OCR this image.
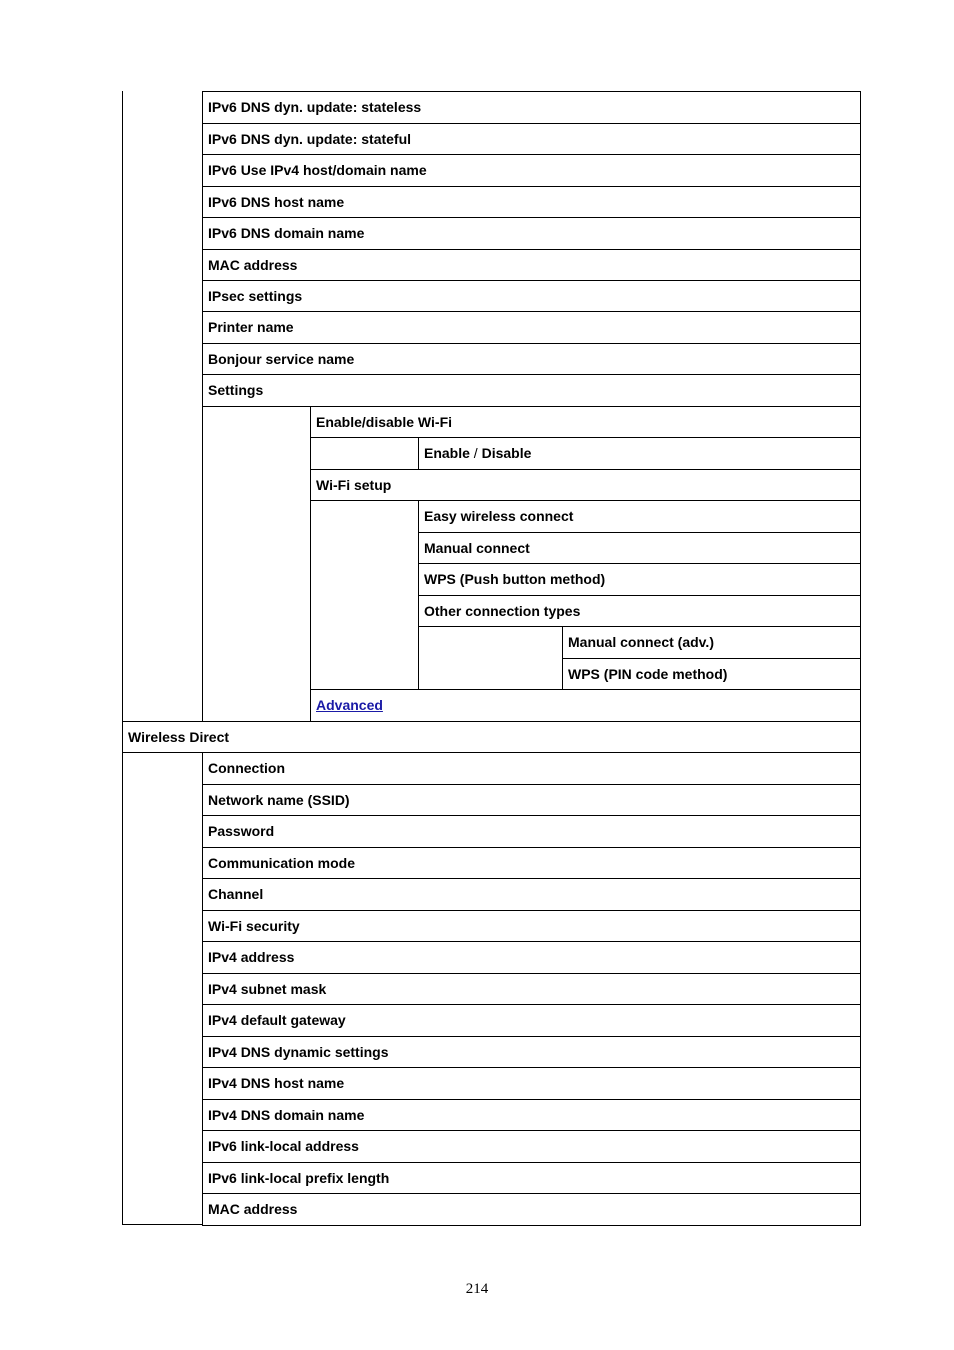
IPv6 DNS dyn. update: stateless
IPv6 DNS dyn. update: stateful
IPv6 Use IPv4 host/domain name
IPv6 DNS host name
IPv6 DNS domain name
MAC address
IPsec settings
Printer name
Bonjour service name
Settings
Enable/disable Wi-Fi
Enable / Disable
Wi-Fi setup
Easy wireless connect
Manual connect
WPS (Push button method)
Other connection types
Manual connect (adv.)
WPS (PIN code method)
Advanced
Wireless Direct
Connection
Network name (SSID)
Password
Communication mode
Channel
Wi-Fi security
IPv4 address
IPv4 subnet mask
IPv4 default gateway
IPv4 DNS dynamic settings
IPv4 DNS host name
IPv4 DNS domain name
IPv6 link-local address
IPv6 link-local prefix length
MAC address
214
